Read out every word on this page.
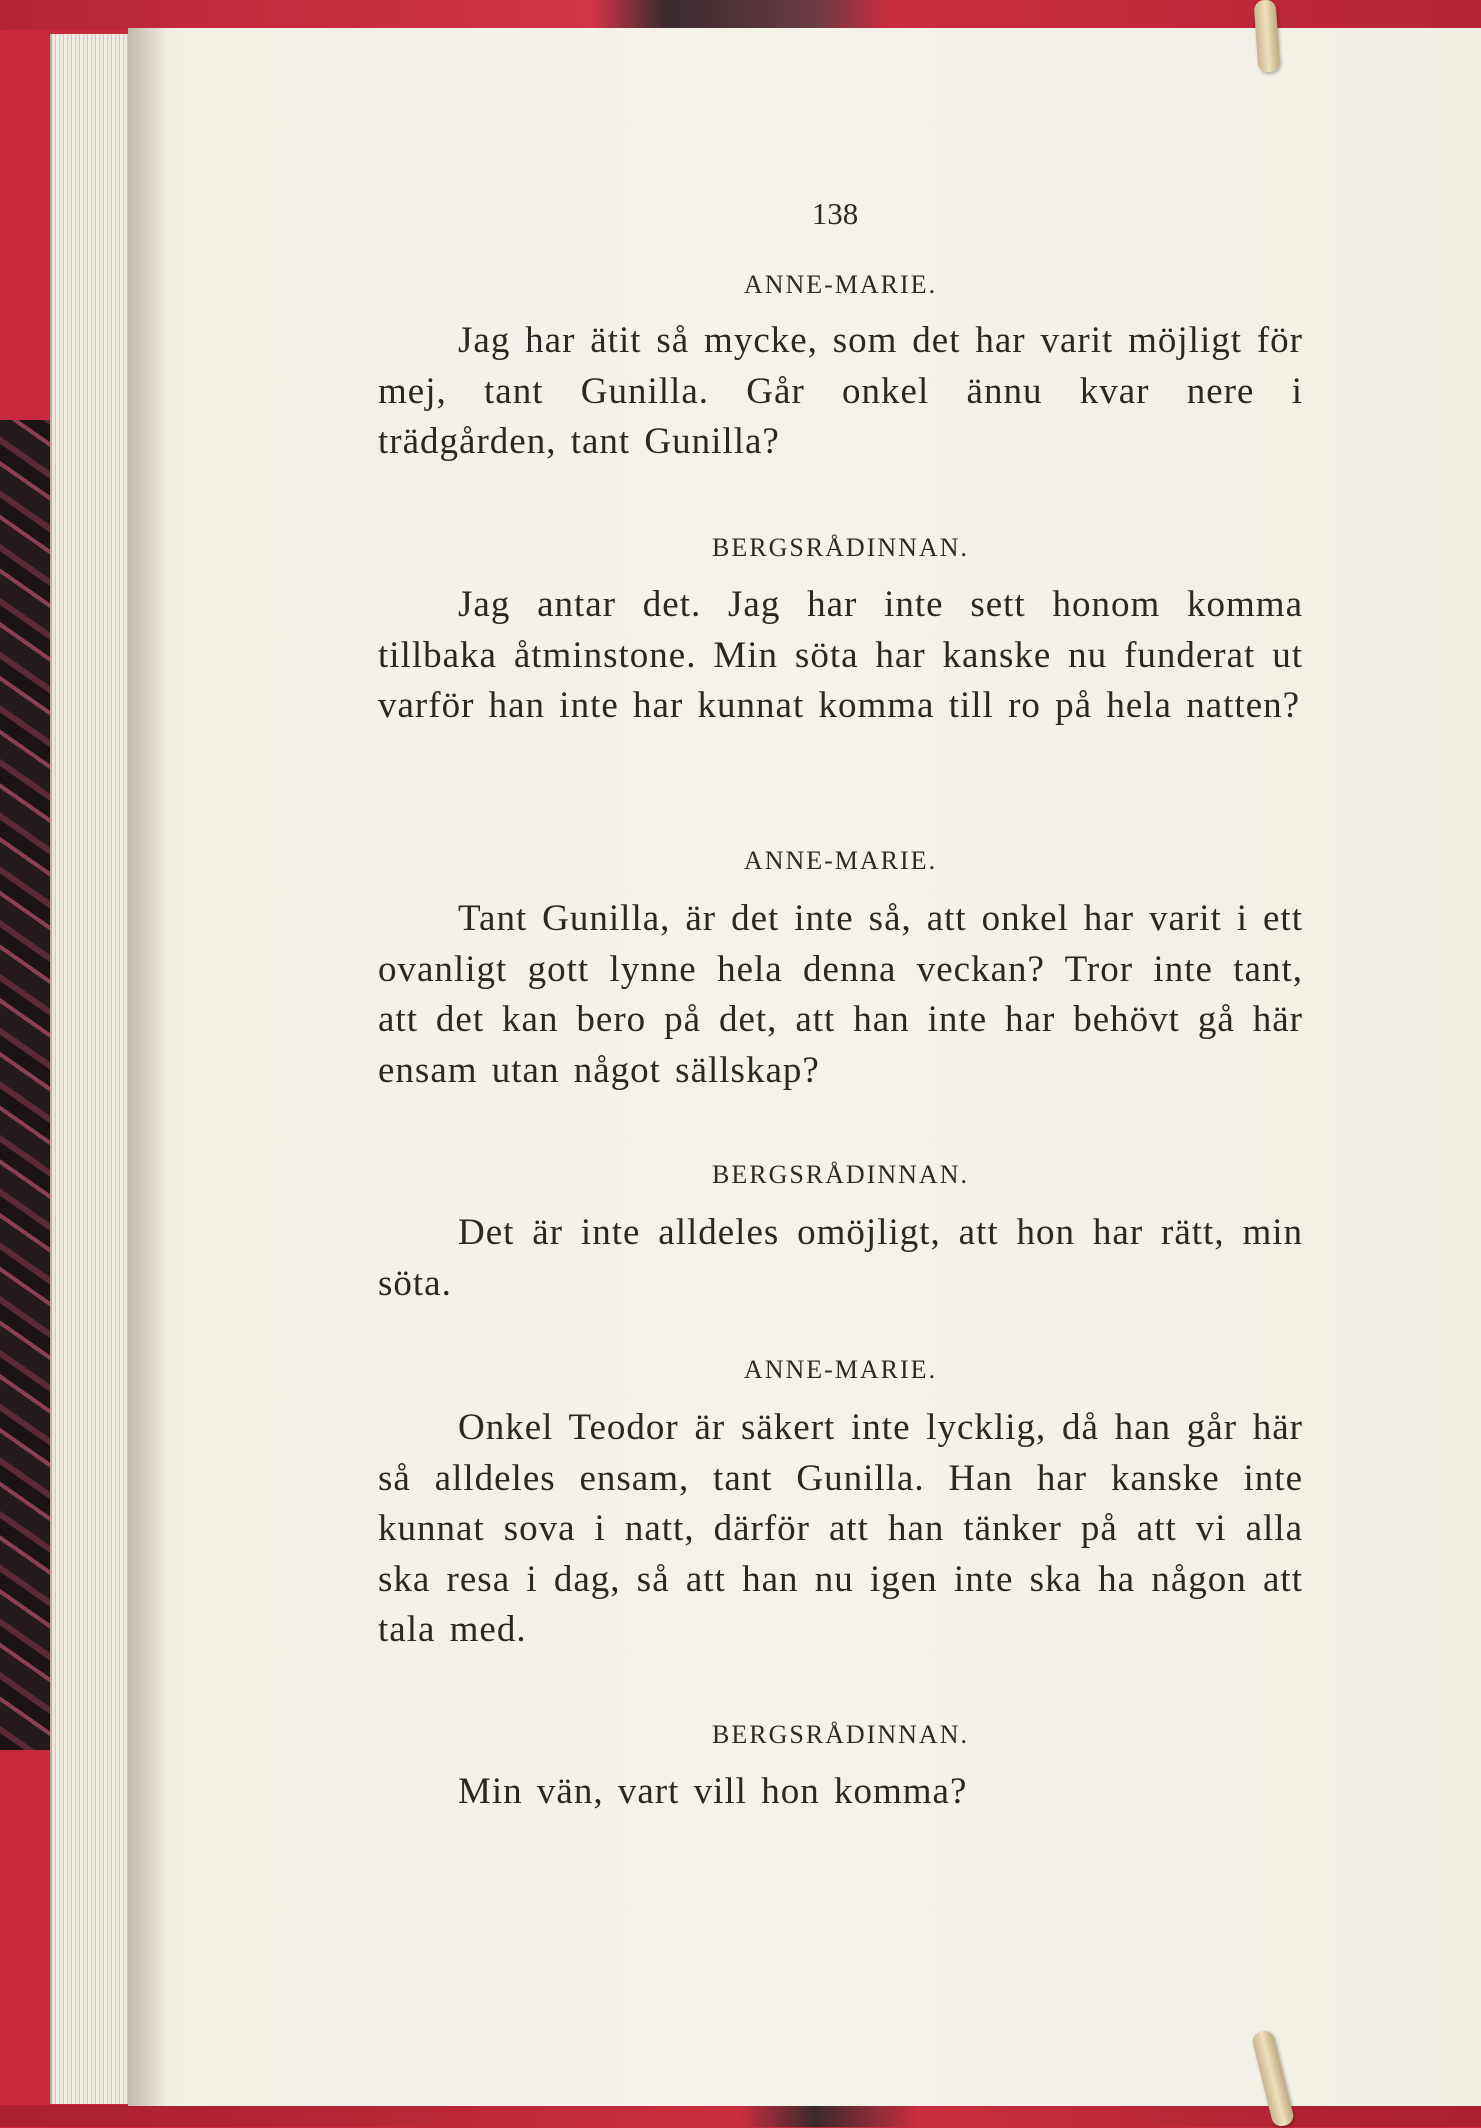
138
ANNE-MARIE.

Jag har ätit så mycke, som det har varit möjligt för mej, tant Gunilla. Går onkel ännu kvar nere i trädgården, tant Gunilla?

BERGSRÅDINNAN.

Jag antar det. Jag har inte sett honom komma tillbaka åtminstone. Min söta har kanske nu funderat ut varför han inte har kunnat komma till ro på hela natten?

ANNE-MARIE.

Tant Gunilla, är det inte så, att onkel har varit i ett ovanligt gott lynne hela denna veckan? Tror inte tant, att det kan bero på det, att han inte har behövt gå här ensam utan något sällskap?

BERGSRÅDINNAN.

Det är inte alldeles omöjligt, att hon har rätt, min söta.

ANNE-MARIE.

Onkel Teodor är säkert inte lycklig, då han går här så alldeles ensam, tant Gunilla. Han har kanske inte kunnat sova i natt, därför att han tänker på att vi alla ska resa i dag, så att han nu igen inte ska ha någon att tala med.

BERGSRÅDINNAN.

Min vän, vart vill hon komma?
